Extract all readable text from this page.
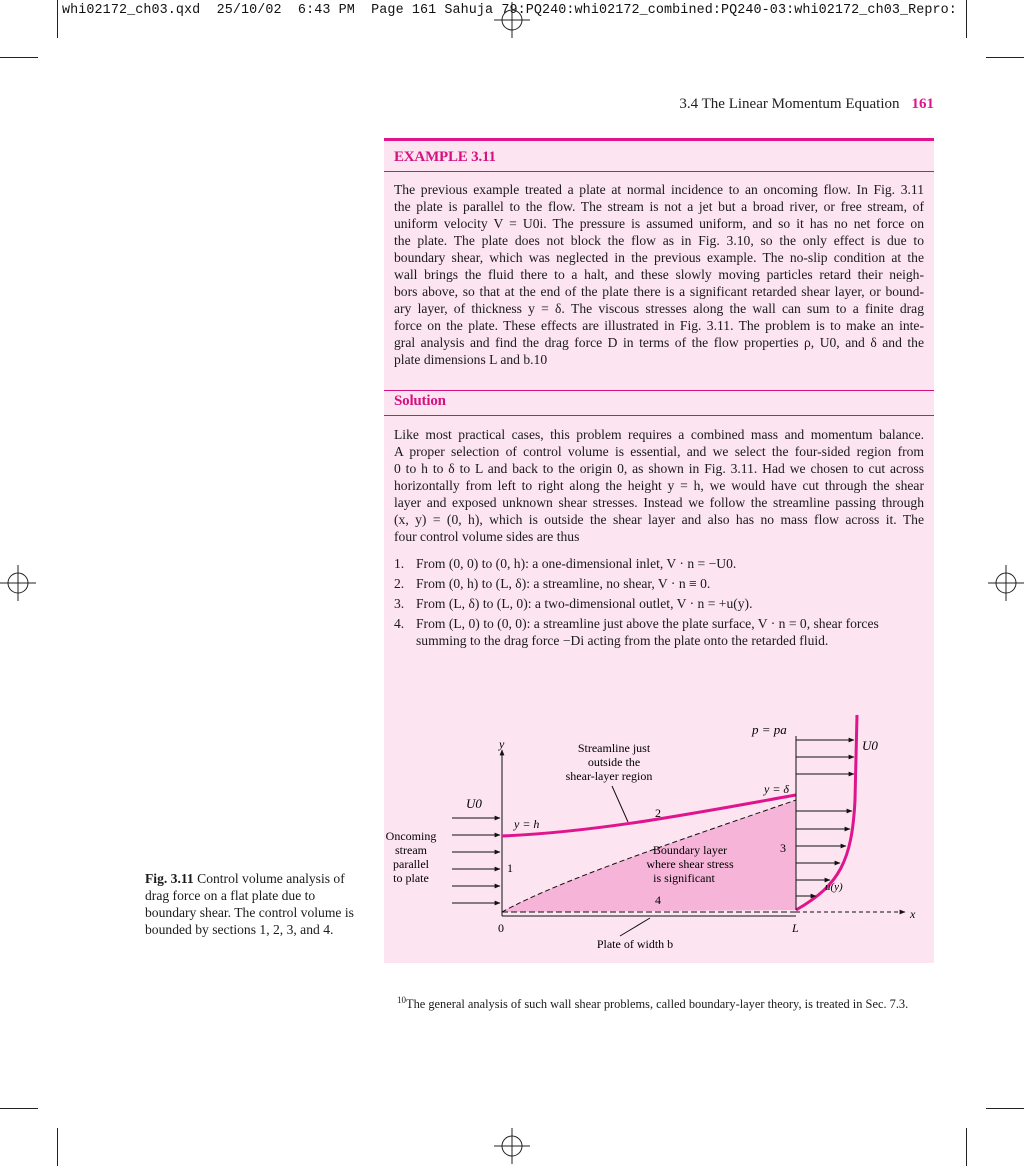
whi02172_ch03.qxd  25/10/02  6:43 PM  Page 161 Sahuja 79:PQ240:whi02172_combined:PQ240-03:whi02172_ch03_Repro:
3.4 The Linear Momentum Equation 161
EXAMPLE 3.11
The previous example treated a plate at normal incidence to an oncoming flow. In Fig. 3.11
the plate is parallel to the flow. The stream is not a jet but a broad river, or free stream, of
uniform velocity V = U0i. The pressure is assumed uniform, and so it has no net force on
the plate. The plate does not block the flow as in Fig. 3.10, so the only effect is due to
boundary shear, which was neglected in the previous example. The no-slip condition at the
wall brings the fluid there to a halt, and these slowly moving particles retard their neigh-
bors above, so that at the end of the plate there is a significant retarded shear layer, or bound-
ary layer, of thickness y = δ. The viscous stresses along the wall can sum to a finite drag
force on the plate. These effects are illustrated in Fig. 3.11. The problem is to make an inte-
gral analysis and find the drag force D in terms of the flow properties ρ, U0, and δ and the
plate dimensions L and b.10
Solution
Like most practical cases, this problem requires a combined mass and momentum balance.
A proper selection of control volume is essential, and we select the four-sided region from
0 to h to δ to L and back to the origin 0, as shown in Fig. 3.11. Had we chosen to cut across
horizontally from left to right along the height y = h, we would have cut through the shear
layer and exposed unknown shear stresses. Instead we follow the streamline passing through
(x, y) = (0, h), which is outside the shear layer and also has no mass flow across it. The
four control volume sides are thus
1. From (0, 0) to (0, h): a one-dimensional inlet, V · n = −U0.
2. From (0, h) to (L, δ): a streamline, no shear, V · n ≡ 0.
3. From (L, δ) to (L, 0): a two-dimensional outlet, V · n = +u(y).
4. From (L, 0) to (0, 0): a streamline just above the plate surface, V · n = 0, shear forces summing to the drag force −Di acting from the plate onto the retarded fluid.
p = pa
U0
y
x
Streamline just
outside the
shear-layer region
y = δ
U0
y = h
2
1
3
4
Oncoming
stream
parallel
to plate
Boundary layer
where shear stress
is significant
u(y)
0	L
Plate of width b
Fig. 3.11 Control volume analysis of drag force on a flat plate due to boundary shear. The control volume is bounded by sections 1, 2, 3, and 4.
$^{10}$The general analysis of such wall shear problems, called boundary-layer theory, is treated in Sec. 7.3.
